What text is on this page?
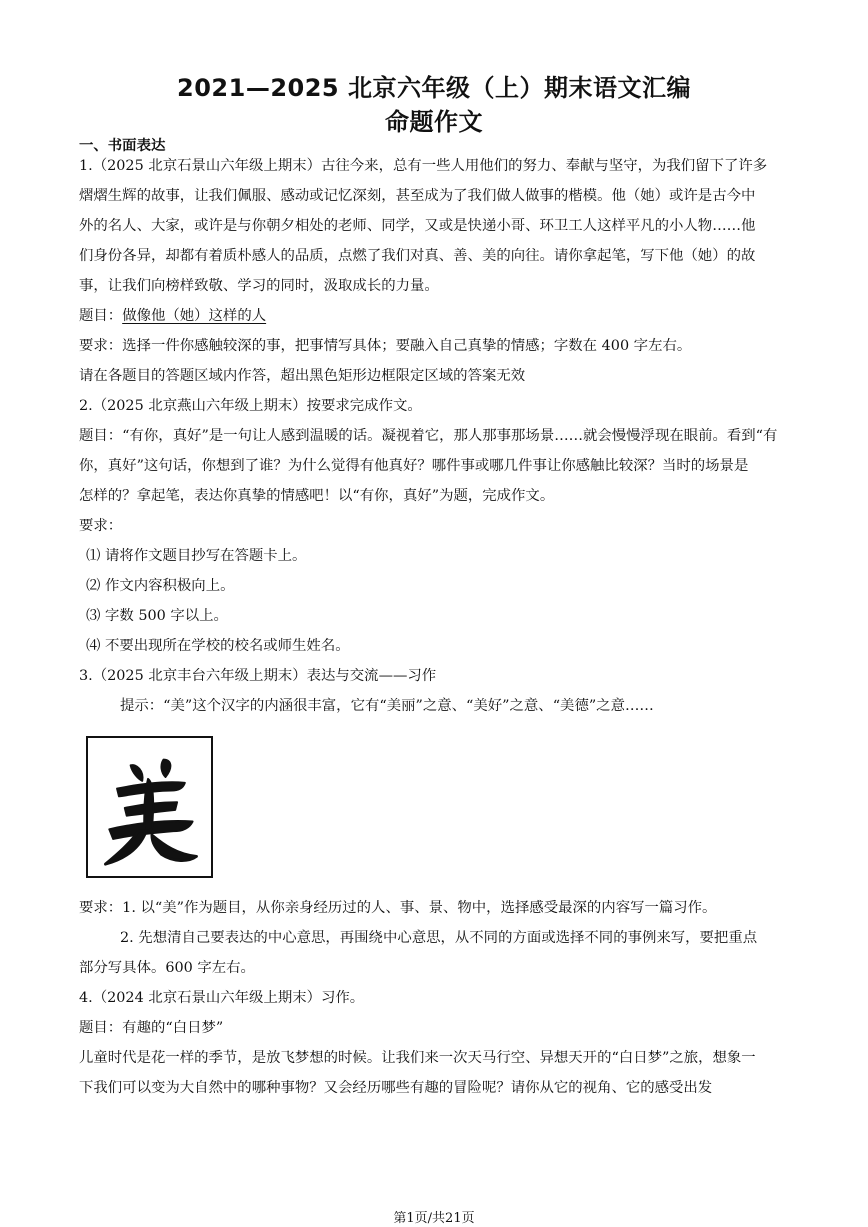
2021—2025 北京六年级（上）期末语文汇编
命题作文
一、书面表达
1.（2025 北京石景山六年级上期末）古往今来，总有一些人用他们的努力、奉献与坚守，为我们留下了许多
熠熠生辉的故事，让我们佩服、感动或记忆深刻，甚至成为了我们做人做事的楷模。他（她）或许是古今中
外的名人、大家，或许是与你朝夕相处的老师、同学，又或是快递小哥、环卫工人这样平凡的小人物……他
们身份各异，却都有着质朴感人的品质，点燃了我们对真、善、美的向往。请你拿起笔，写下他（她）的故
事，让我们向榜样致敬、学习的同时，汲取成长的力量。
题目：做像他（她）这样的人
要求：选择一件你感触较深的事，把事情写具体；要融入自己真挚的情感；字数在 400 字左右。
请在各题目的答题区域内作答，超出黑色矩形边框限定区域的答案无效
2.（2025 北京燕山六年级上期末）按要求完成作文。
题目：“有你，真好”是一句让人感到温暖的话。凝视着它，那人那事那场景……就会慢慢浮现在眼前。看到“有
你，真好”这句话，你想到了谁？为什么觉得有他真好？哪件事或哪几件事让你感触比较深？当时的场景是
怎样的？拿起笔，表达你真挚的情感吧！以“有你，真好”为题，完成作文。
要求：
⑴ 请将作文题目抄写在答题卡上。
⑵ 作文内容积极向上。
⑶ 字数 500 字以上。
⑷ 不要出现所在学校的校名或师生姓名。
3.（2025 北京丰台六年级上期末）表达与交流——习作
提示：“美”这个汉字的内涵很丰富，它有“美丽”之意、“美好”之意、“美德”之意……
要求：1. 以“美”作为题目，从你亲身经历过的人、事、景、物中，选择感受最深的内容写一篇习作。
2. 先想清自己要表达的中心意思，再围绕中心意思，从不同的方面或选择不同的事例来写，要把重点
部分写具体。600 字左右。
4.（2024 北京石景山六年级上期末）习作。
题目：有趣的“白日梦”
儿童时代是花一样的季节，是放飞梦想的时候。让我们来一次天马行空、异想天开的“白日梦”之旅，想象一
下我们可以变为大自然中的哪种事物？又会经历哪些有趣的冒险呢？请你从它的视角、它的感受出发
第1页/共21页
